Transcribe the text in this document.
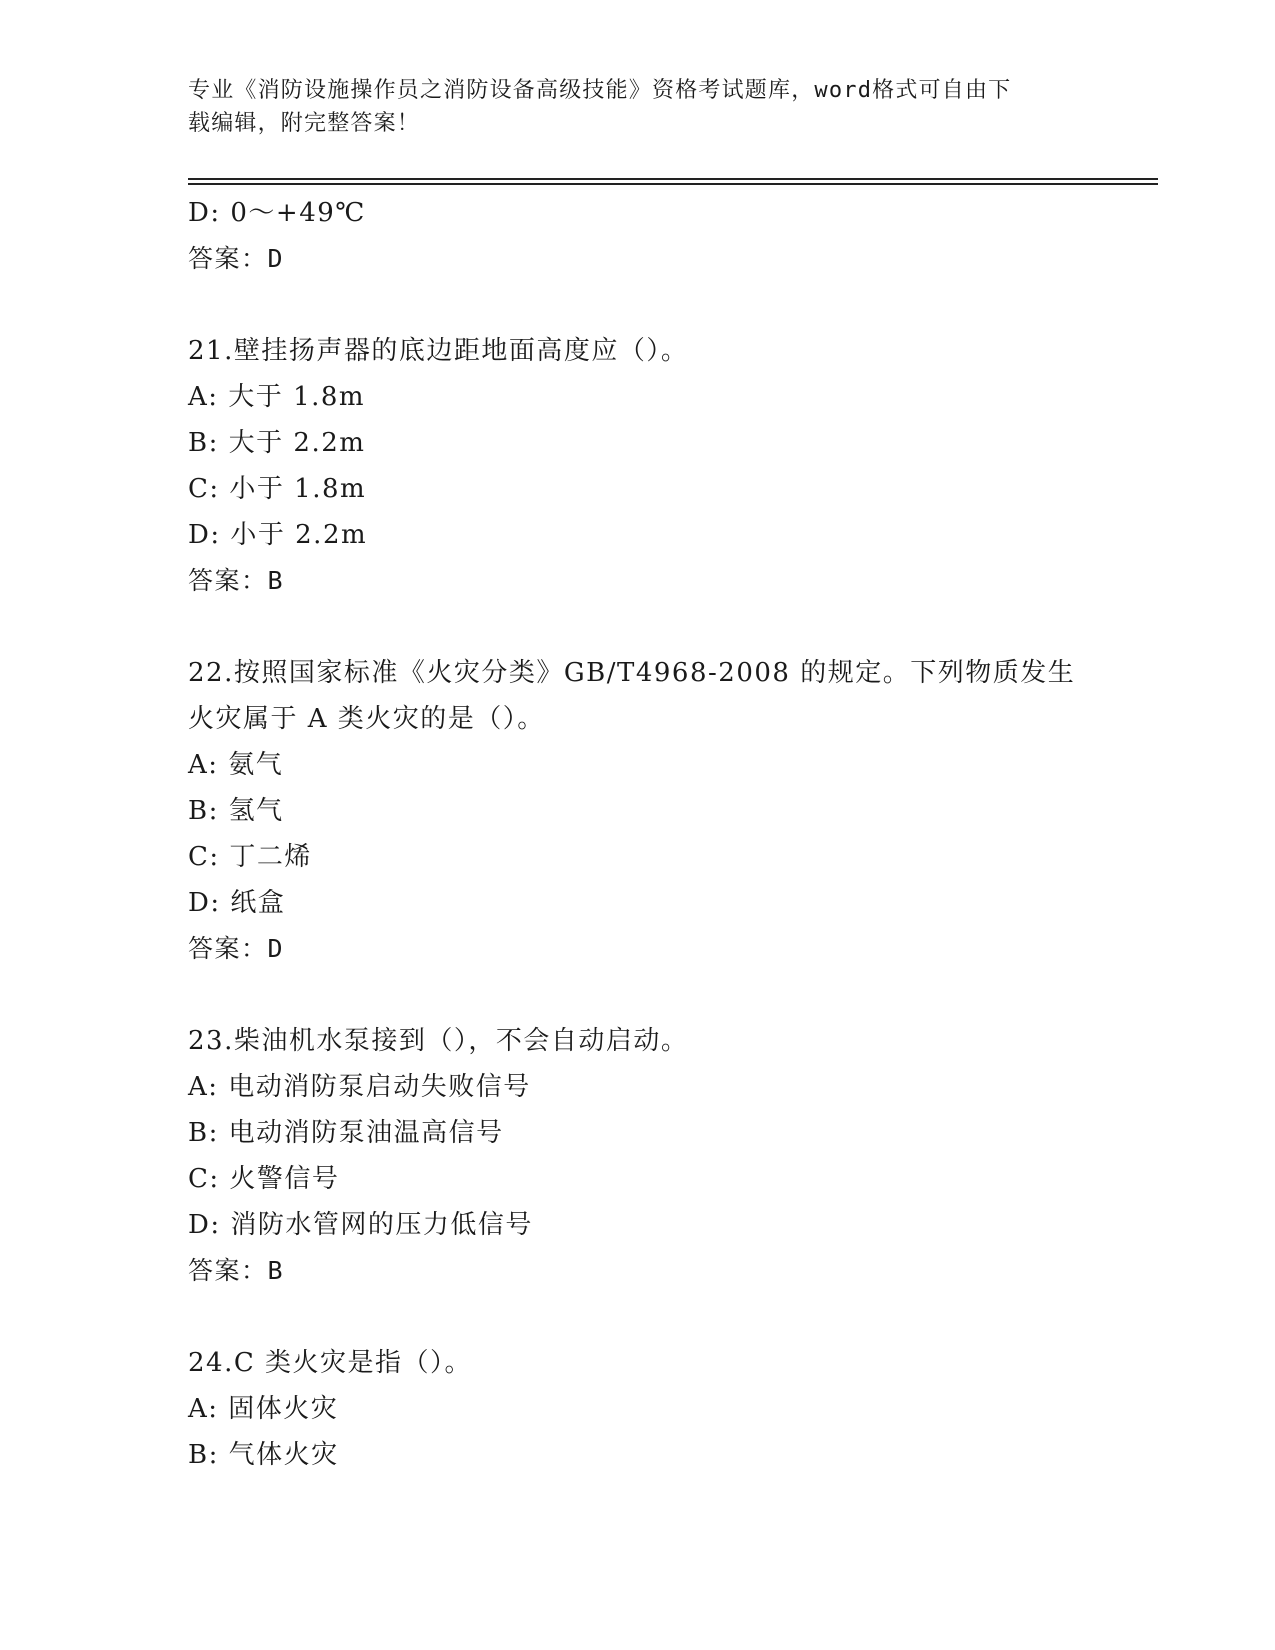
专业《消防设施操作员之消防设备高级技能》资格考试题库，word格式可自由下
载编辑，附完整答案！
D: 0～+49℃
答案：D
21.壁挂扬声器的底边距地面高度应（）。
A: 大于 1.8m
B: 大于 2.2m
C: 小于 1.8m
D: 小于 2.2m
答案：B
22.按照国家标准《火灾分类》GB/T4968-2008 的规定。下列物质发生
火灾属于 A 类火灾的是（）。
A: 氨气
B: 氢气
C: 丁二烯
D: 纸盒
答案：D
23.柴油机水泵接到（），不会自动启动。
A: 电动消防泵启动失败信号
B: 电动消防泵油温高信号
C: 火警信号
D: 消防水管网的压力低信号
答案：B
24.C 类火灾是指（）。
A: 固体火灾
B: 气体火灾
